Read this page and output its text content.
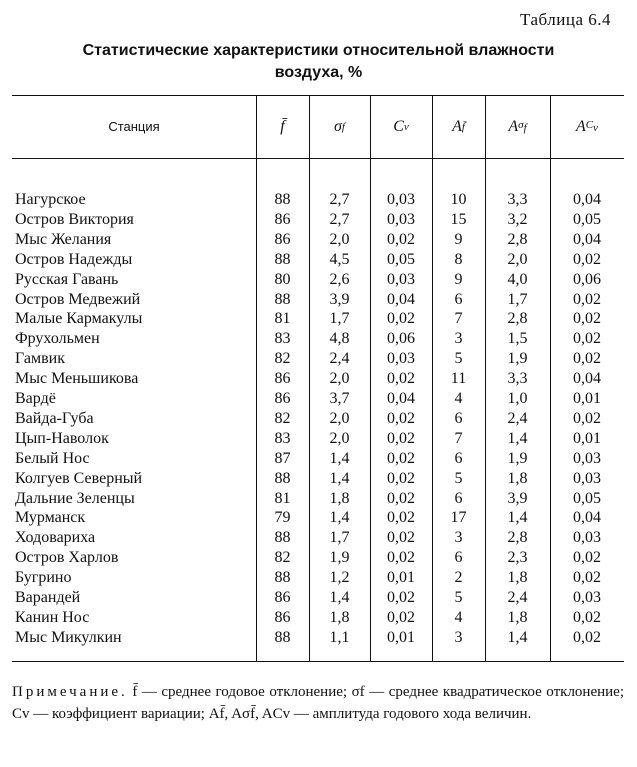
Таблица 6.4
Статистические характеристики относительной влажности
воздуха, %
Станция	f̄	σ f	C v	A f̄	A $\sigma_f$	A $C_v$
Нагурское	88	2,7	0,03	10	3,3	0,04
Остров Виктория	86	2,7	0,03	15	3,2	0,05
Мыс Желания	86	2,0	0,02	9	2,8	0,04
Остров Надежды	88	4,5	0,05	8	2,0	0,02
Русская Гавань	80	2,6	0,03	9	4,0	0,06
Остров Медвежий	88	3,9	0,04	6	1,7	0,02
Малые Кармакулы	81	1,7	0,02	7	2,8	0,02
Фрухольмен	83	4,8	0,06	3	1,5	0,02
Гамвик	82	2,4	0,03	5	1,9	0,02
Мыс Меньшикова	86	2,0	0,02	11	3,3	0,04
Вардё	86	3,7	0,04	4	1,0	0,01
Вайда-Губа	82	2,0	0,02	6	2,4	0,02
Цып-Наволок	83	2,0	0,02	7	1,4	0,01
Белый Нос	87	1,4	0,02	6	1,9	0,03
Колгуев Северный	88	1,4	0,02	5	1,8	0,03
Дальние Зеленцы	81	1,8	0,02	6	3,9	0,05
Мурманск	79	1,4	0,02	17	1,4	0,04
Ходовариха	88	1,7	0,02	3	2,8	0,03
Остров Харлов	82	1,9	0,02	6	2,3	0,02
Бугрино	88	1,2	0,01	2	1,8	0,02
Варандей	86	1,4	0,02	5	2,4	0,03
Канин Нос	86	1,8	0,02	4	1,8	0,02
Мыс Микулкин	88	1,1	0,01	3	1,4	0,02
Примечание. f̄ — среднее годовое отклонение; σf — среднее квадратическое отклонение; Cv — коэффициент вариации; Af̄, Aσf̄, ACv — амплитуда годового хода величин.
